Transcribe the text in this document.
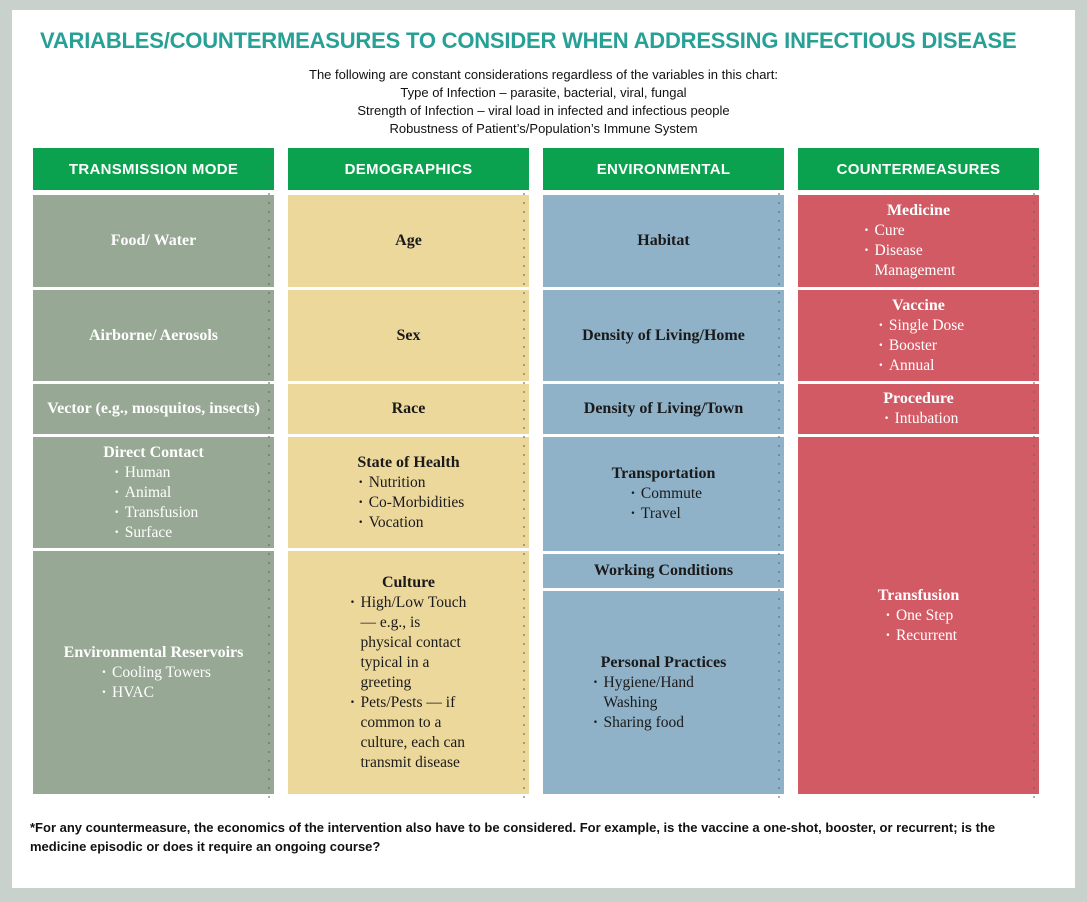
VARIABLES/COUNTERMEASURES TO CONSIDER WHEN ADDRESSING INFECTIOUS DISEASE
The following are constant considerations regardless of the variables in this chart:
Type of Infection – parasite, bacterial, viral, fungal
Strength of Infection – viral load in infected and infectious people
Robustness of Patient’s/Population’s Immune System
TRANSMISSION MODE
Food/ Water
Airborne/ Aerosols
Vector (e.g., mosquitos, insects)
Direct Contact
· Human
· Animal
· Transfusion
· Surface
Environmental Reservoirs
· Cooling Towers
· HVAC
DEMOGRAPHICS
Age
Sex
Race
State of Health
· Nutrition
· Co-Morbidities
· Vocation
Culture
· High/Low Touch — e.g., is physical contact typical in a greeting
· Pets/Pests — if common to a culture, each can transmit disease
ENVIRONMENTAL
Habitat
Density of Living/Home
Density of Living/Town
Transportation
· Commute
· Travel
Working Conditions
Personal Practices
· Hygiene/Hand Washing
· Sharing food
COUNTERMEASURES
Medicine
· Cure
· Disease Management
Vaccine
· Single Dose
· Booster
· Annual
Procedure
· Intubation
Transfusion
· One Step
· Recurrent
*For any countermeasure, the economics of the intervention also have to be considered. For example, is the vaccine a one-shot, booster, or recurrent; is the medicine episodic or does it require an ongoing course?
